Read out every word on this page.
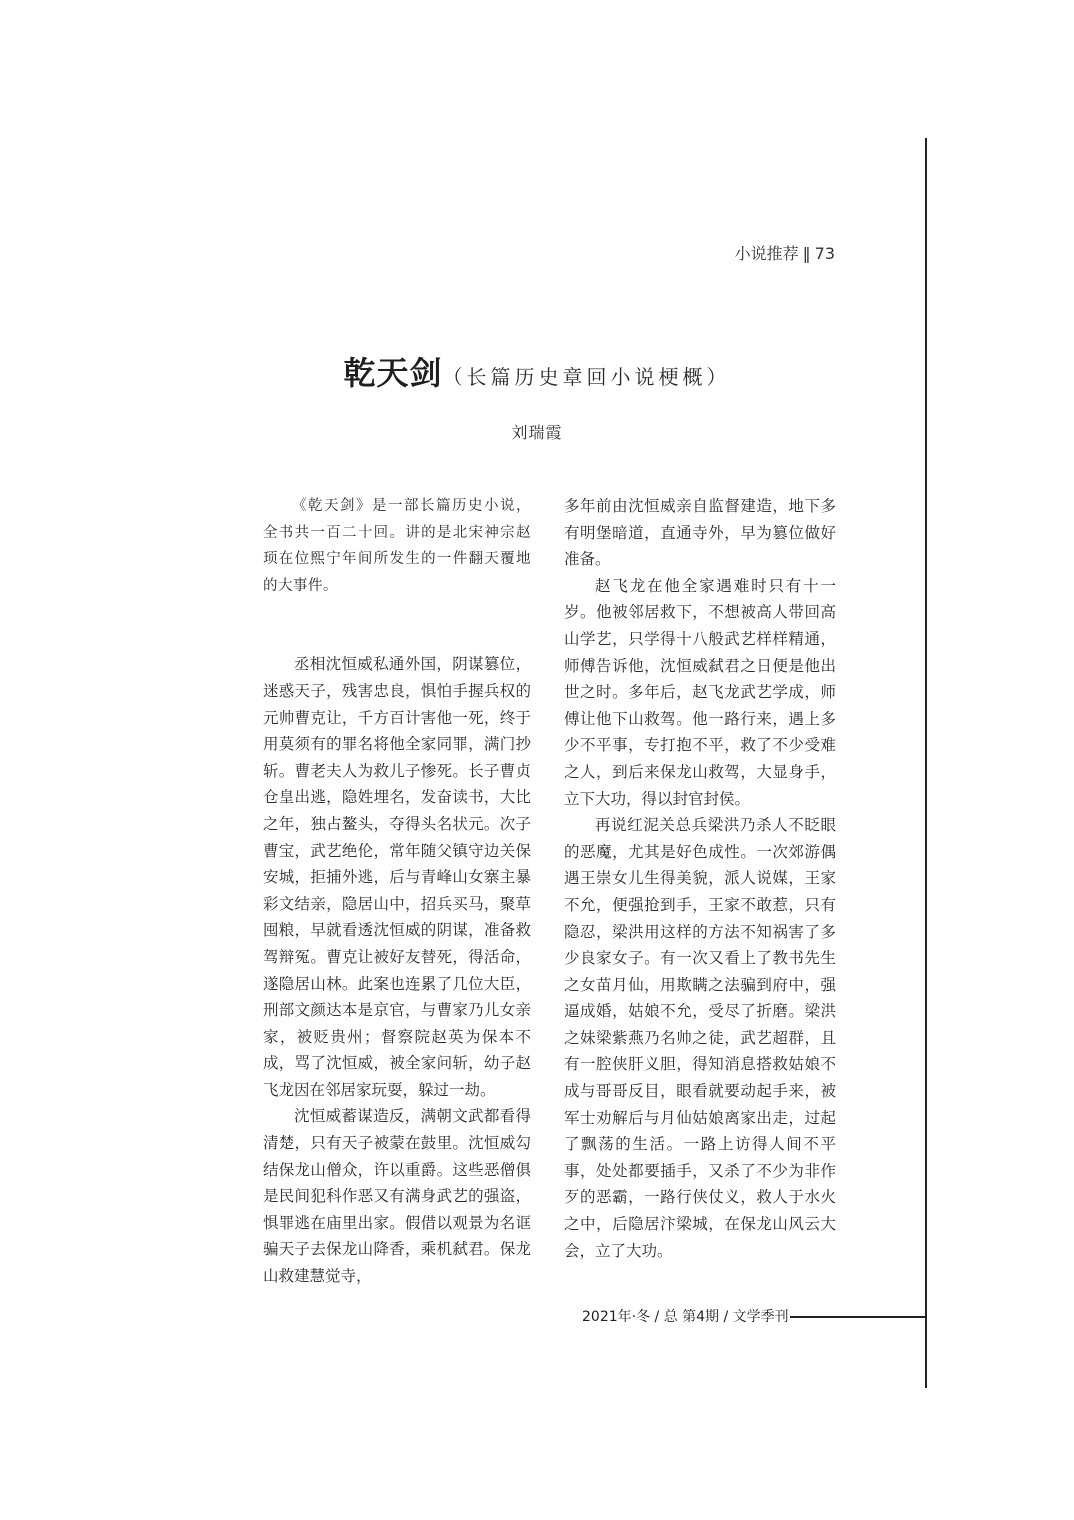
小说推荐 ‖ 73
乾天剑（长篇历史章回小说梗概）
刘瑞霞

《乾天剑》是一部长篇历史小说，全书共一百二十回。讲的是北宋神宗赵顼在位熙宁年间所发生的一件翻天覆地的大事件。

丞相沈恒威私通外国，阴谋篡位，迷惑天子，残害忠良，惧怕手握兵权的元帅曹克让，千方百计害他一死，终于用莫须有的罪名将他全家同罪，满门抄斩。曹老夫人为救儿子惨死。长子曹贞仓皇出逃，隐姓埋名，发奋读书，大比之年，独占鳌头，夺得头名状元。次子曹宝，武艺绝伦，常年随父镇守边关保安城，拒捕外逃，后与青峰山女寨主暴彩文结亲，隐居山中，招兵买马，聚草囤粮，早就看透沈恒威的阴谋，准备救驾辩冤。曹克让被好友替死，得活命，遂隐居山林。此案也连累了几位大臣，刑部文颜达本是京官，与曹家乃儿女亲家，被贬贵州；督察院赵英为保本不成，骂了沈恒威，被全家问斩，幼子赵飞龙因在邻居家玩耍，躲过一劫。

沈恒威蓄谋造反，满朝文武都看得清楚，只有天子被蒙在鼓里。沈恒威勾结保龙山僧众，许以重爵。这些恶僧俱是民间犯科作恶又有满身武艺的强盗，惧罪逃在庙里出家。假借以观景为名诓骗天子去保龙山降香，乘机弑君。保龙山救建慧觉寺，

多年前由沈恒威亲自监督建造，地下多有明堡暗道，直通寺外，早为篡位做好准备。

赵飞龙在他全家遇难时只有十一岁。他被邻居救下，不想被高人带回高山学艺，只学得十八般武艺样样精通，师傅告诉他，沈恒威弑君之日便是他出世之时。多年后，赵飞龙武艺学成，师傅让他下山救驾。他一路行来，遇上多少不平事，专打抱不平，救了不少受难之人，到后来保龙山救驾，大显身手，立下大功，得以封官封侯。

再说红泥关总兵梁洪乃杀人不眨眼的恶魔，尤其是好色成性。一次郊游偶遇王崇女儿生得美貌，派人说媒，王家不允，便强抢到手，王家不敢惹，只有隐忍，梁洪用这样的方法不知祸害了多少良家女子。有一次又看上了教书先生之女苗月仙，用欺瞒之法骗到府中，强逼成婚，姑娘不允，受尽了折磨。梁洪之妹梁紫燕乃名帅之徒，武艺超群，且有一腔侠肝义胆，得知消息搭救姑娘不成与哥哥反目，眼看就要动起手来，被军士劝解后与月仙姑娘离家出走，过起了飘荡的生活。一路上访得人间不平事，处处都要插手，又杀了不少为非作歹的恶霸，一路行侠仗义，救人于水火之中，后隐居汴梁城，在保龙山风云大会，立了大功。

2021年·冬 / 总 第4期 / 文学季刊
